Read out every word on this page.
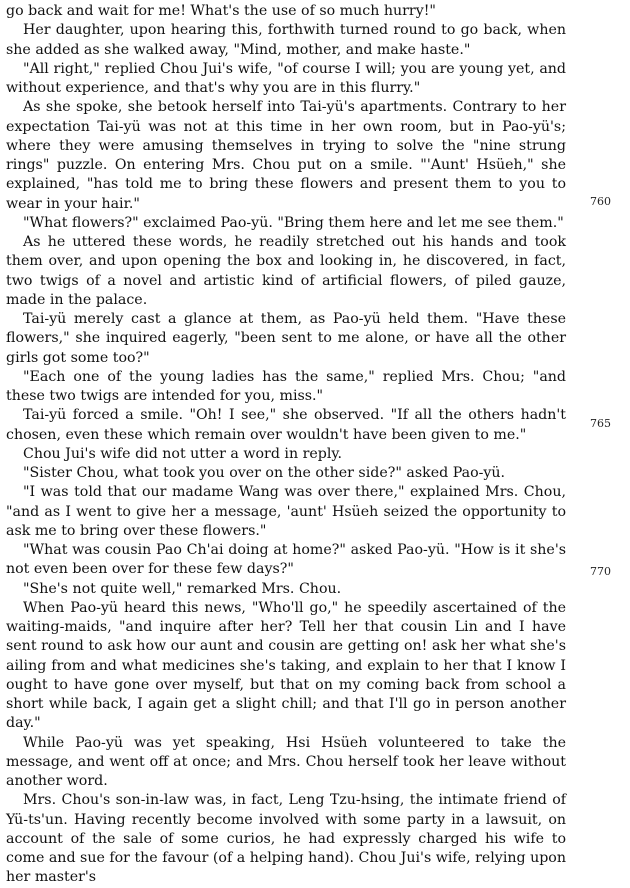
go back and wait for me! What's the use of so much hurry!"

Her daughter, upon hearing this, forthwith turned round to go back, when she added as she walked away, "Mind, mother, and make haste."

"All right," replied Chou Jui's wife, "of course I will; you are young yet, and without experience, and that's why you are in this flurry."

As she spoke, she betook herself into Tai-yü's apartments. Contrary to her expectation Tai-yü was not at this time in her own room, but in Pao-yü's; where they were amusing themselves in trying to solve the "nine strung rings" puzzle. On entering Mrs. Chou put on a smile. "'Aunt' Hsüeh," she explained, "has told me to bring these flowers and present them to you to wear in your hair."

"What flowers?" exclaimed Pao-yü. "Bring them here and let me see them."

As he uttered these words, he readily stretched out his hands and took them over, and upon opening the box and looking in, he discovered, in fact, two twigs of a novel and artistic kind of artificial flowers, of piled gauze, made in the palace.

Tai-yü merely cast a glance at them, as Pao-yü held them. "Have these flowers," she inquired eagerly, "been sent to me alone, or have all the other girls got some too?"

"Each one of the young ladies has the same," replied Mrs. Chou; "and these two twigs are intended for you, miss."

Tai-yü forced a smile. "Oh! I see," she observed. "If all the others hadn't chosen, even these which remain over wouldn't have been given to me."

Chou Jui's wife did not utter a word in reply.

"Sister Chou, what took you over on the other side?" asked Pao-yü.

"I was told that our madame Wang was over there," explained Mrs. Chou, "and as I went to give her a message, 'aunt' Hsüeh seized the opportunity to ask me to bring over these flowers."

"What was cousin Pao Ch'ai doing at home?" asked Pao-yü. "How is it she's not even been over for these few days?"

"She's not quite well," remarked Mrs. Chou.

When Pao-yü heard this news, "Who'll go," he speedily ascertained of the waiting-maids, "and inquire after her? Tell her that cousin Lin and I have sent round to ask how our aunt and cousin are getting on! ask her what she's ailing from and what medicines she's taking, and explain to her that I know I ought to have gone over myself, but that on my coming back from school a short while back, I again get a slight chill; and that I'll go in person another day."

While Pao-yü was yet speaking, Hsi Hsüeh volunteered to take the message, and went off at once; and Mrs. Chou herself took her leave without another word.

Mrs. Chou's son-in-law was, in fact, Leng Tzu-hsing, the intimate friend of Yü-ts'un. Having recently become involved with some party in a lawsuit, on account of the sale of some curios, he had expressly charged his wife to come and sue for the favour (of a helping hand). Chou Jui's wife, relying upon her master's

760
765
770
